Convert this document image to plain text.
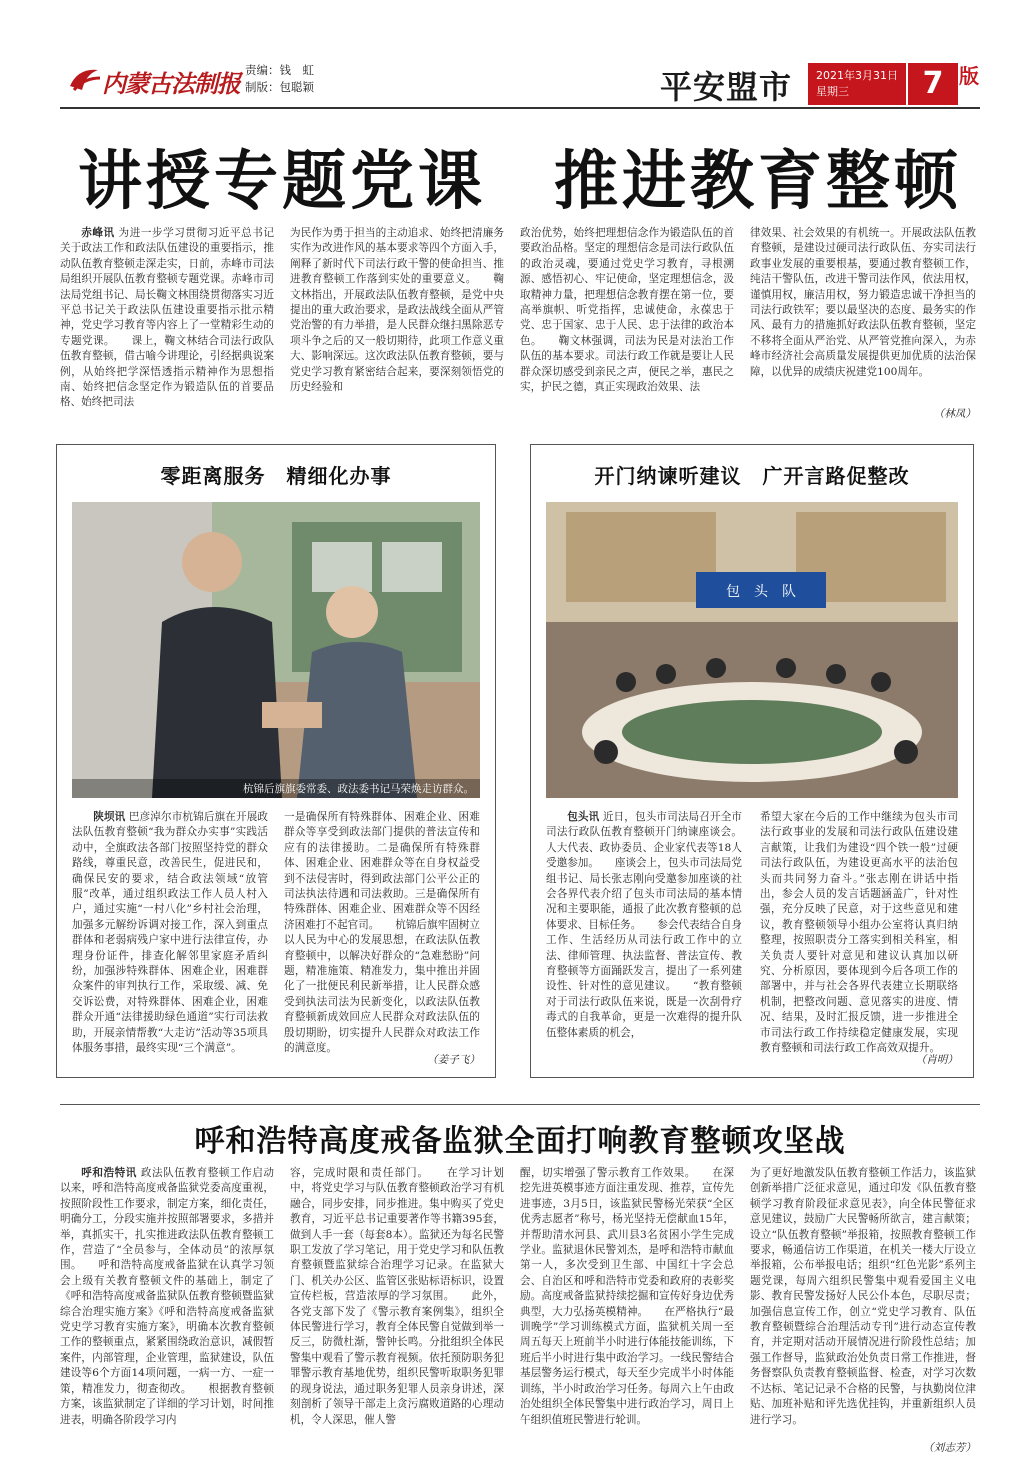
内蒙古法制报 责编：钱　虹
制版：包聪颖	平安盟市 2021年3月31日
星期三	7 版
讲授专题党课　推进教育整顿
赤峰讯 为进一步学习贯彻习近平总书记关于政法工作和政法队伍建设的重要指示，推动队伍教育整顿走深走实，日前，赤峰市司法局组织开展队伍教育整顿专题党课。赤峰市司法局党组书记、局长鞠文林围绕贯彻落实习近平总书记关于政法队伍建设重要指示批示精神，党史学习教育等内容上了一堂精彩生动的专题党课。　　课上，鞠文林结合司法行政队伍教育整顿，借古喻今讲理论，引经据典说案例，从始终把学深悟透指示精神作为思想指南、始终把信念坚定作为锻造队伍的首要品格、始终把司法
为民作为勇于担当的主动追求、始终把清廉务实作为改进作风的基本要求等四个方面入手，阐释了新时代下司法行政干警的使命担当、推进教育整顿工作落到实处的重要意义。　　鞠文林指出，开展政法队伍教育整顿，是党中央提出的重大政治要求，是政法战线全面从严管党治警的有力举措，是人民群众继扫黑除恶专项斗争之后的又一般切期待，此项工作意义重大、影响深远。这次政法队伍教育整顿，要与党史学习教育紧密结合起来，要深刻领悟党的历史经验和
政治优势，始终把理想信念作为锻造队伍的首要政治品格。坚定的理想信念是司法行政队伍的政治灵魂，要通过党史学习教育，寻根溯源、感悟初心、牢记使命，坚定理想信念，汲取精神力量，把理想信念教育摆在第一位，要高举旗帜、听党指挥，忠诚使命，永葆忠于党、忠于国家、忠于人民、忠于法律的政治本色。　　鞠文林强调，司法为民是对法治工作队伍的基本要求。司法行政工作就是要让人民群众深切感受到亲民之声，便民之举，惠民之实，护民之德，真正实现政治效果、法
律效果、社会效果的有机统一。开展政法队伍教育整顿，是建设过硬司法行政队伍、夯实司法行政事业发展的重要根基，要通过教育整顿工作，纯洁干警队伍，改进干警司法作风，依法用权，谨慎用权，廉洁用权，努力锻造忠诚干净担当的司法行政铁军；要以最坚决的态度、最务实的作风、最有力的措施抓好政法队伍教育整顿，坚定不移将全面从严治党、从严管党推向深入，为赤峰市经济社会高质量发展提供更加优质的法治保障，以优异的成绩庆祝建党100周年。
（林凤）
零距离服务　精细化办事
杭锦后旗旗委常委、政法委书记马荣焕走访群众。
陕坝讯 巴彦淖尔市杭锦后旗在开展政法队伍教育整顿“我为群众办实事”实践活动中，全旗政法各部门按照坚持党的群众路线，尊重民意，改善民生，促进民和，确保民安的要求，结合政法领域“放管服”改革，通过组织政法工作人员人村入户，通过实施“一村八化”乡村社会治理，加强多元解纷诉调对接工作，深入到重点群体和老弱病残户家中进行法律宣传，办理身份证件，排查化解邻里家庭矛盾纠纷，加强涉特殊群体、困难企业，困难群众案件的审判执行工作，采取缓、减、免交诉讼费，对特殊群体、困难企业，困难群众开通“法律援助绿色通道”实行司法救助，开展亲情帮教“大走访”活动等35项具体服务事措，最终实现“三个满意”。
一是确保所有特殊群体、困难企业、困难群众等享受到政法部门提供的普法宣传和应有的法律援助。二是确保所有特殊群体、困难企业、困难群众等在自身权益受到不法侵害时，得到政法部门公平公正的司法执法待遇和司法救助。三是确保所有特殊群体、困难企业、困难群众等不因经济困难打不起官司。　　杭锦后旗牢固树立以人民为中心的发展思想，在政法队伍教育整顿中，以解决好群众的“急难愁盼”问题，精准施策、精准发力，集中推出并固化了一批便民利民新举措，让人民群众感受到执法司法为民新变化，以政法队伍教育整顿新成效回应人民群众对政法队伍的殷切期盼，切实提升人民群众对政法工作的满意度。
（姜子飞）
开门纳谏听建议　广开言路促整改
包　头　队
包头讯 近日，包头市司法局召开全市司法行政队伍教育整顿开门纳谏座谈会。人大代表、政协委员、企业家代表等18人受邀参加。　　座谈会上，包头市司法局党组书记、局长张志刚向受邀参加座谈的社会各界代表介绍了包头市司法局的基本情况和主要职能，通报了此次教育整顿的总体要求、目标任务。　　参会代表结合自身工作、生活经历从司法行政工作中的立法、律师管理、执法监督、普法宣传、教育整顿等方面踊跃发言，提出了一系列建设性、针对性的意见建议。　　“教育整顿对于司法行政队伍来说，既是一次刮骨疗毒式的自我革命，更是一次难得的提升队伍整体素质的机会，
希望大家在今后的工作中继续为包头市司法行政事业的发展和司法行政队伍建设建言献策，让我们为建设“四个铁一般”过硬司法行政队伍，为建设更高水平的法治包头而共同努力奋斗。”张志刚在讲话中指出，参会人员的发言话题涵盖广，针对性强，充分反映了民意，对于这些意见和建议，教育整顿领导小组办公室将认真归纳整理，按照职责分工落实到相关科室，相关负责人要针对意见和建议认真加以研究、分析原因，要体现到今后各项工作的部署中，并与社会各界代表建立长期联络机制，把整改问题、意见落实的进度、情况、结果，及时汇报反馈，进一步推进全市司法行政工作持续稳定健康发展，实现教育整顿和司法行政工作高效双提升。
（肖明）
呼和浩特高度戒备监狱全面打响教育整顿攻坚战
呼和浩特讯 政法队伍教育整顿工作启动以来，呼和浩特高度戒备监狱党委高度重视，按照阶段性工作要求，制定方案，细化责任，明确分工，分段实施并按照部署要求，多措并举，真抓实干，扎实推进政法队伍教育整顿工作，营造了“全员参与，全体动员”的浓厚氛围。　　呼和浩特高度戒备监狱在认真学习领会上级有关教育整顿文件的基础上，制定了《呼和浩特高度戒备监狱队伍教育整顿暨监狱综合治理实施方案》《呼和浩特高度戒备监狱党史学习教育实施方案》，明确本次教育整顿工作的整顿重点，紧紧围绕政治意识，减假暂案件，内部管理，企业管理，监狱建设，队伍建设等6个方面14项问题，一病一方、一症一策，精准发力，彻查彻改。　　根据教育整顿方案，该监狱制定了详细的学习计划，时间推进表，明确各阶段学习内
容，完成时限和责任部门。　　在学习计划中，将党史学习与队伍教育整顿政治学习有机融合，同步安排，同步推进。集中购买了党史教育，习近平总书记重要著作等书籍395套，做到人手一套（每套8本）。监狱还为每名民警职工发放了学习笔记，用于党史学习和队伍教育整顿暨监狱综合治理学习记录。在监狱大门、机关办公区、监管区张贴标语标识，设置宣传栏板，营造浓厚的学习氛围。　　此外，各党支部下发了《警示教育案例集》，组织全体民警进行学习，教育全体民警自觉做到举一反三，防微杜渐，警钟长鸣。分批组织全体民警集中观看了警示教育视频。依托预防职务犯罪警示教育基地优势，组织民警听取职务犯罪的现身说法，通过职务犯罪人员亲身讲述，深刻剖析了领导干部走上贪污腐败道路的心理动机，令人深思，催人警
醒，切实增强了警示教育工作效果。　　在深挖先进英模事迹方面注重发现、推荐，宣传先进事迹，3月5日，该监狱民警杨光荣获“全区优秀志愿者”称号，杨光坚持无偿献血15年，并帮助清水河县、武川县3名贫困小学生完成学业。监狱退休民警刘杰，是呼和浩特市献血第一人，多次受到卫生部、中国红十字会总会、自治区和呼和浩特市党委和政府的表彰奖励。高度戒备监狱持续挖掘和宣传好身边优秀典型，大力弘扬英模精神。　　在严格执行“最训晚学”学习训练模式方面，监狱机关周一至周五每天上班前半小时进行体能技能训练，下班后半小时进行集中政治学习。一线民警结合基层警务运行模式，每天至少完成半小时体能训练，半小时政治学习任务。每周六上午由政治处组织全体民警集中进行政治学习，周日上午组织值班民警进行轮训。
为了更好地激发队伍教育整顿工作活力，该监狱创新举措广泛征求意见，通过印发《队伍教育整顿学习教育阶段征求意见表》，向全体民警征求意见建议，鼓励广大民警畅所欲言，建言献策；设立“队伍教育整顿”举报箱，按照教育整顿工作要求，畅通信访工作渠道，在机关一楼大厅设立举报箱，公布举报电话；组织“红色光影”系列主题党课，每周六组织民警集中观看爱国主义电影、教育民警发扬好人民公仆本色，尽职尽责；加强信息宣传工作，创立“党史学习教育、队伍教育整顿暨综合治理活动专刊”进行动态宣传教育，并定期对活动开展情况进行阶段性总结；加强工作督导，监狱政治处负责日常工作推进，督务督察队负责教育整顿监督、检查，对学习次数不达标、笔记记录不合格的民警，与执勤岗位津贴、加班补贴和评先选优挂钩，并重新组织人员进行学习。
（刘志芳）
